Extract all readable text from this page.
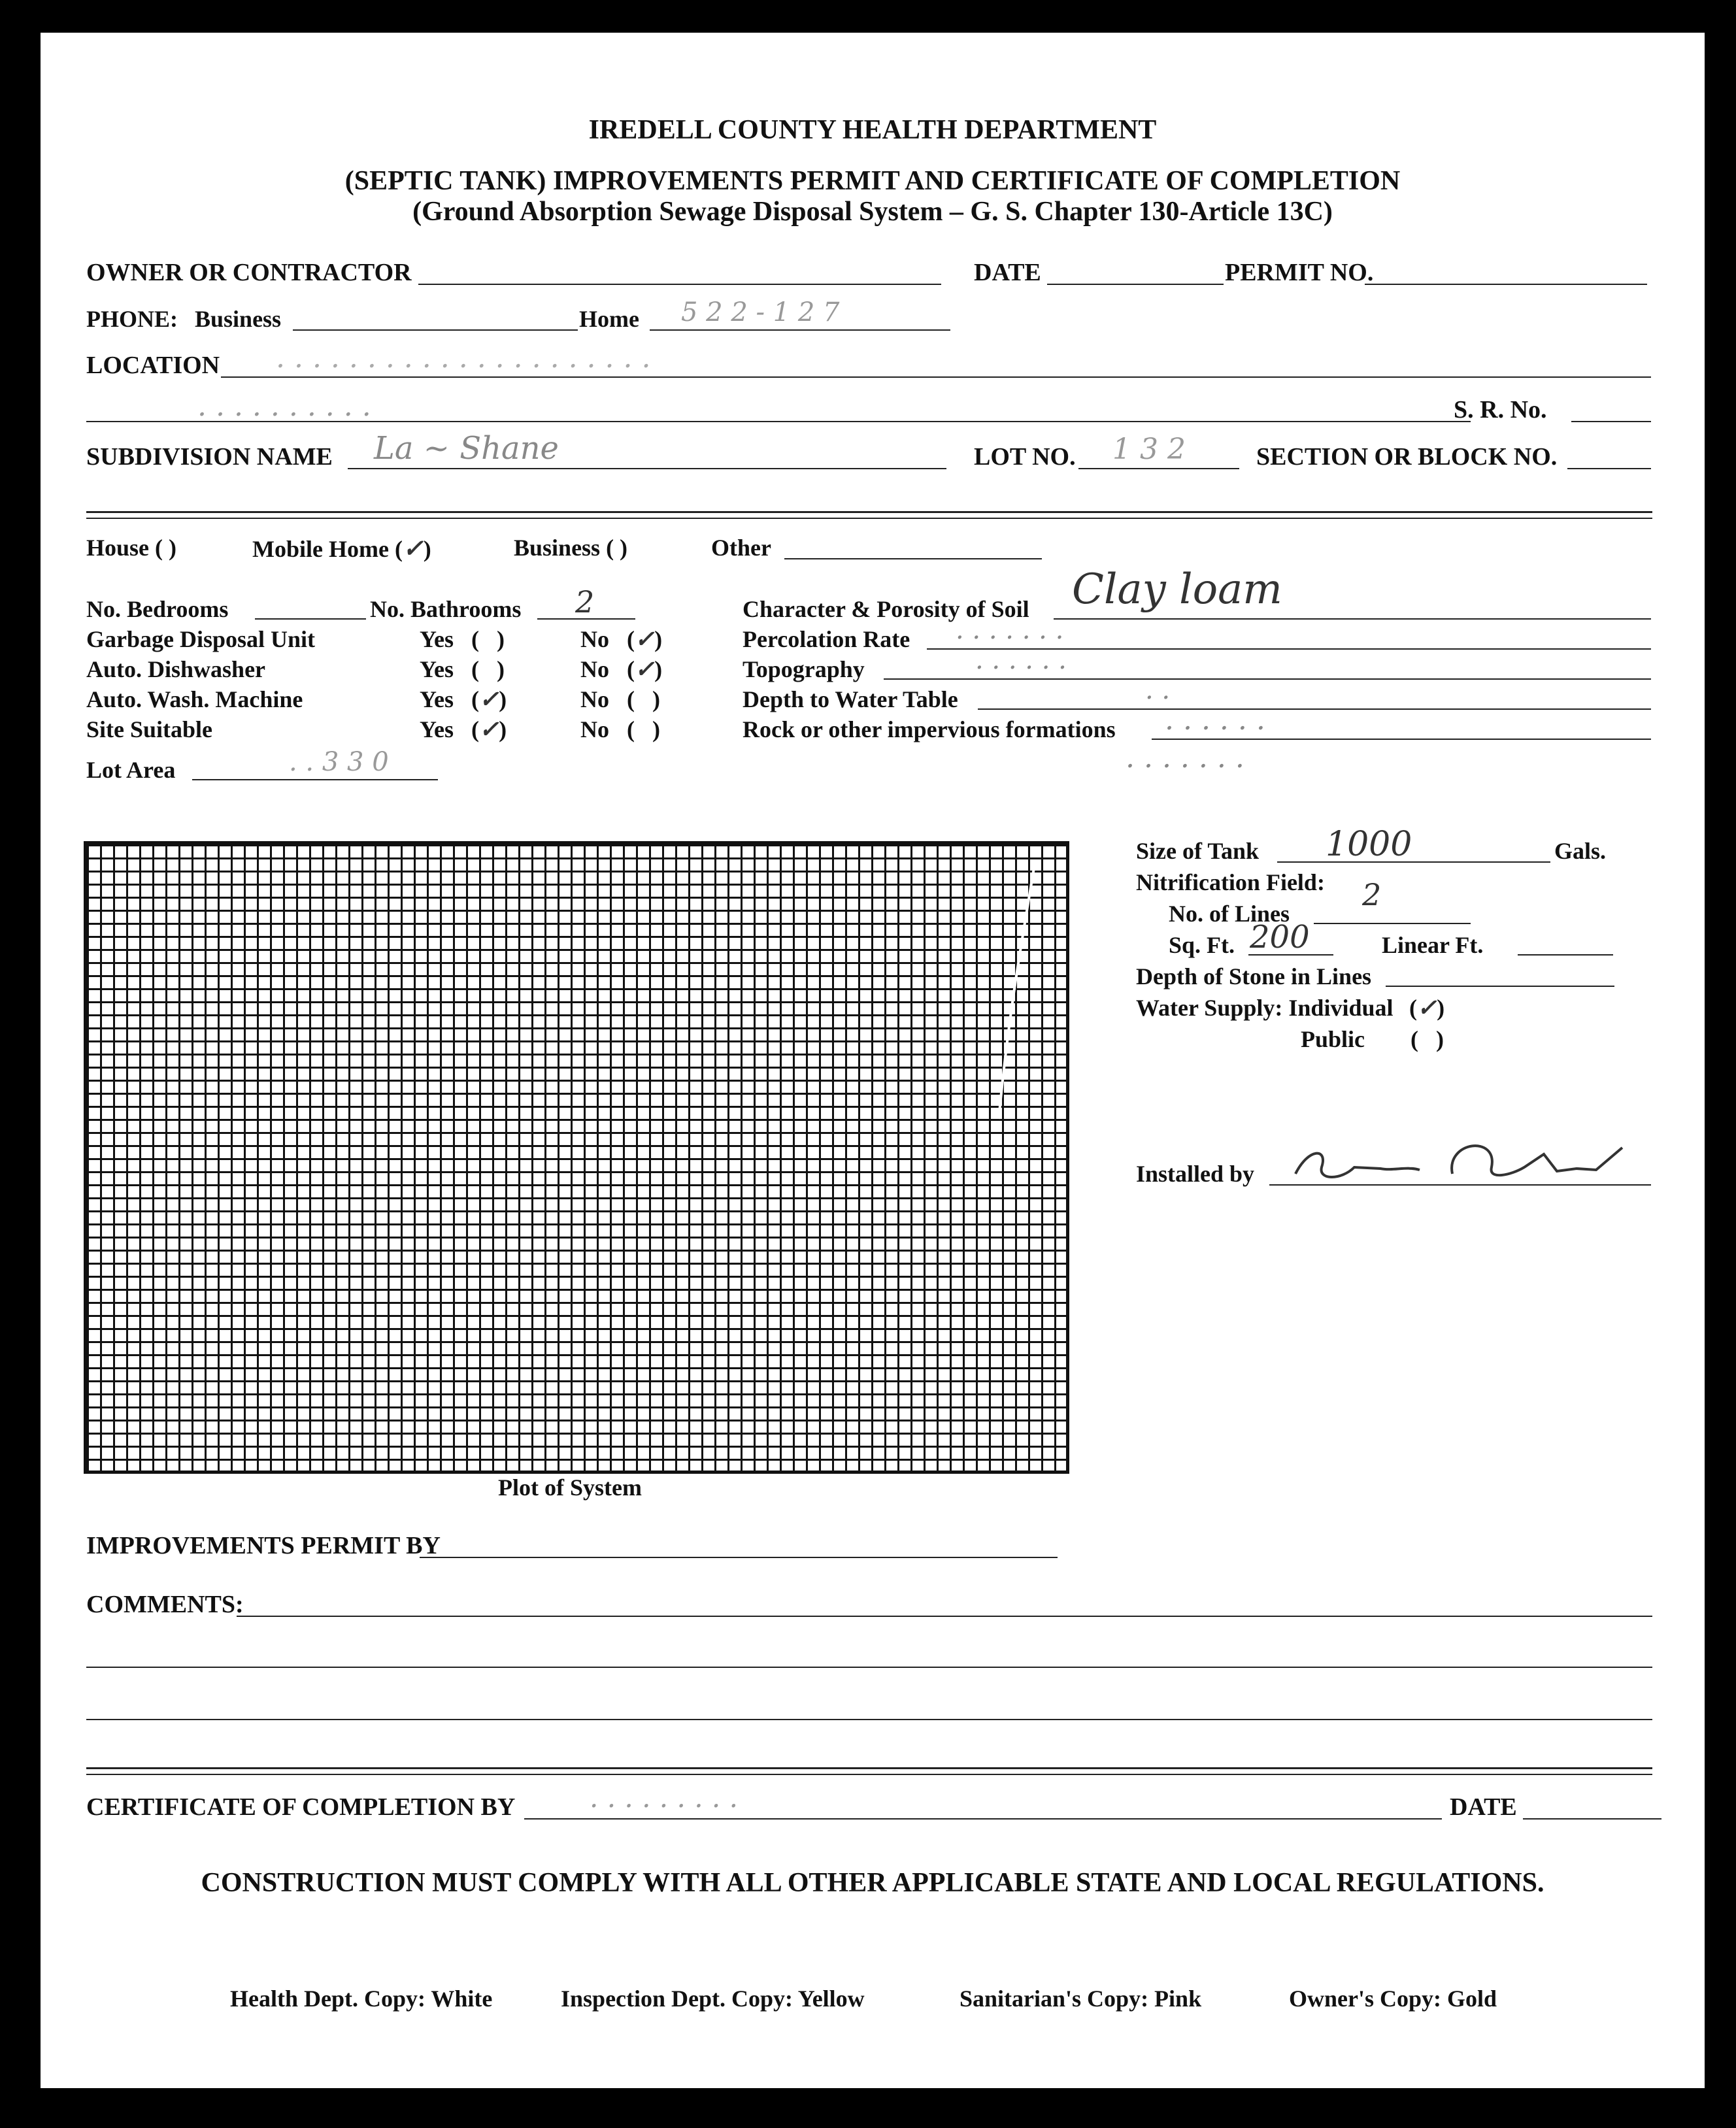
IREDELL COUNTY HEALTH DEPARTMENT
(SEPTIC TANK) IMPROVEMENTS PERMIT AND CERTIFICATE OF COMPLETION
(Ground Absorption Sewage Disposal System – G. S. Chapter 130-Article 13C)
OWNER OR CONTRACTOR	DATE	PERMIT NO.
PHONE: Business	Home 5 2 2 - 1 2 7
LOCATION . . . . . . . . . . . . . . . . . . . . .
. . . . . . . . . .	S. R. No.
SUBDIVISION NAME La ~ Shane	LOT NO. 1 3 2	SECTION OR BLOCK NO.
House ( )	Mobile Home (✓)	Business ( )	Other
No. Bedrooms	No. Bathrooms 2
Garbage Disposal Unit	Yes ( )	No (✓)
Auto. Dishwasher	Yes ( )	No (✓)
Auto. Wash. Machine	Yes (✓)	No ( )
Site Suitable	Yes (✓)	No ( )
Lot Area	. . 3 3 0
Character & Porosity of Soil Clay loam
Percolation Rate . . . . . . .
Topography	. . . . . .
Depth to Water Table	. .
Rock or other impervious formations . . . . . .
. . . . . . .
Plot of System
Size of Tank 1000	Gals.
Nitrification Field:
No. of Lines
2
Sq. Ft. 200	Linear Ft.
Depth of Stone in Lines
Water Supply: Individual (✓)
Public ( )
Installed by
IMPROVEMENTS PERMIT BY
COMMENTS:
CERTIFICATE OF COMPLETION BY	. . . . . . . . .	DATE
CONSTRUCTION MUST COMPLY WITH ALL OTHER APPLICABLE STATE AND LOCAL REGULATIONS.
Health Dept. Copy: White	Inspection Dept. Copy: Yellow	Sanitarian's Copy: Pink	Owner's Copy: Gold
